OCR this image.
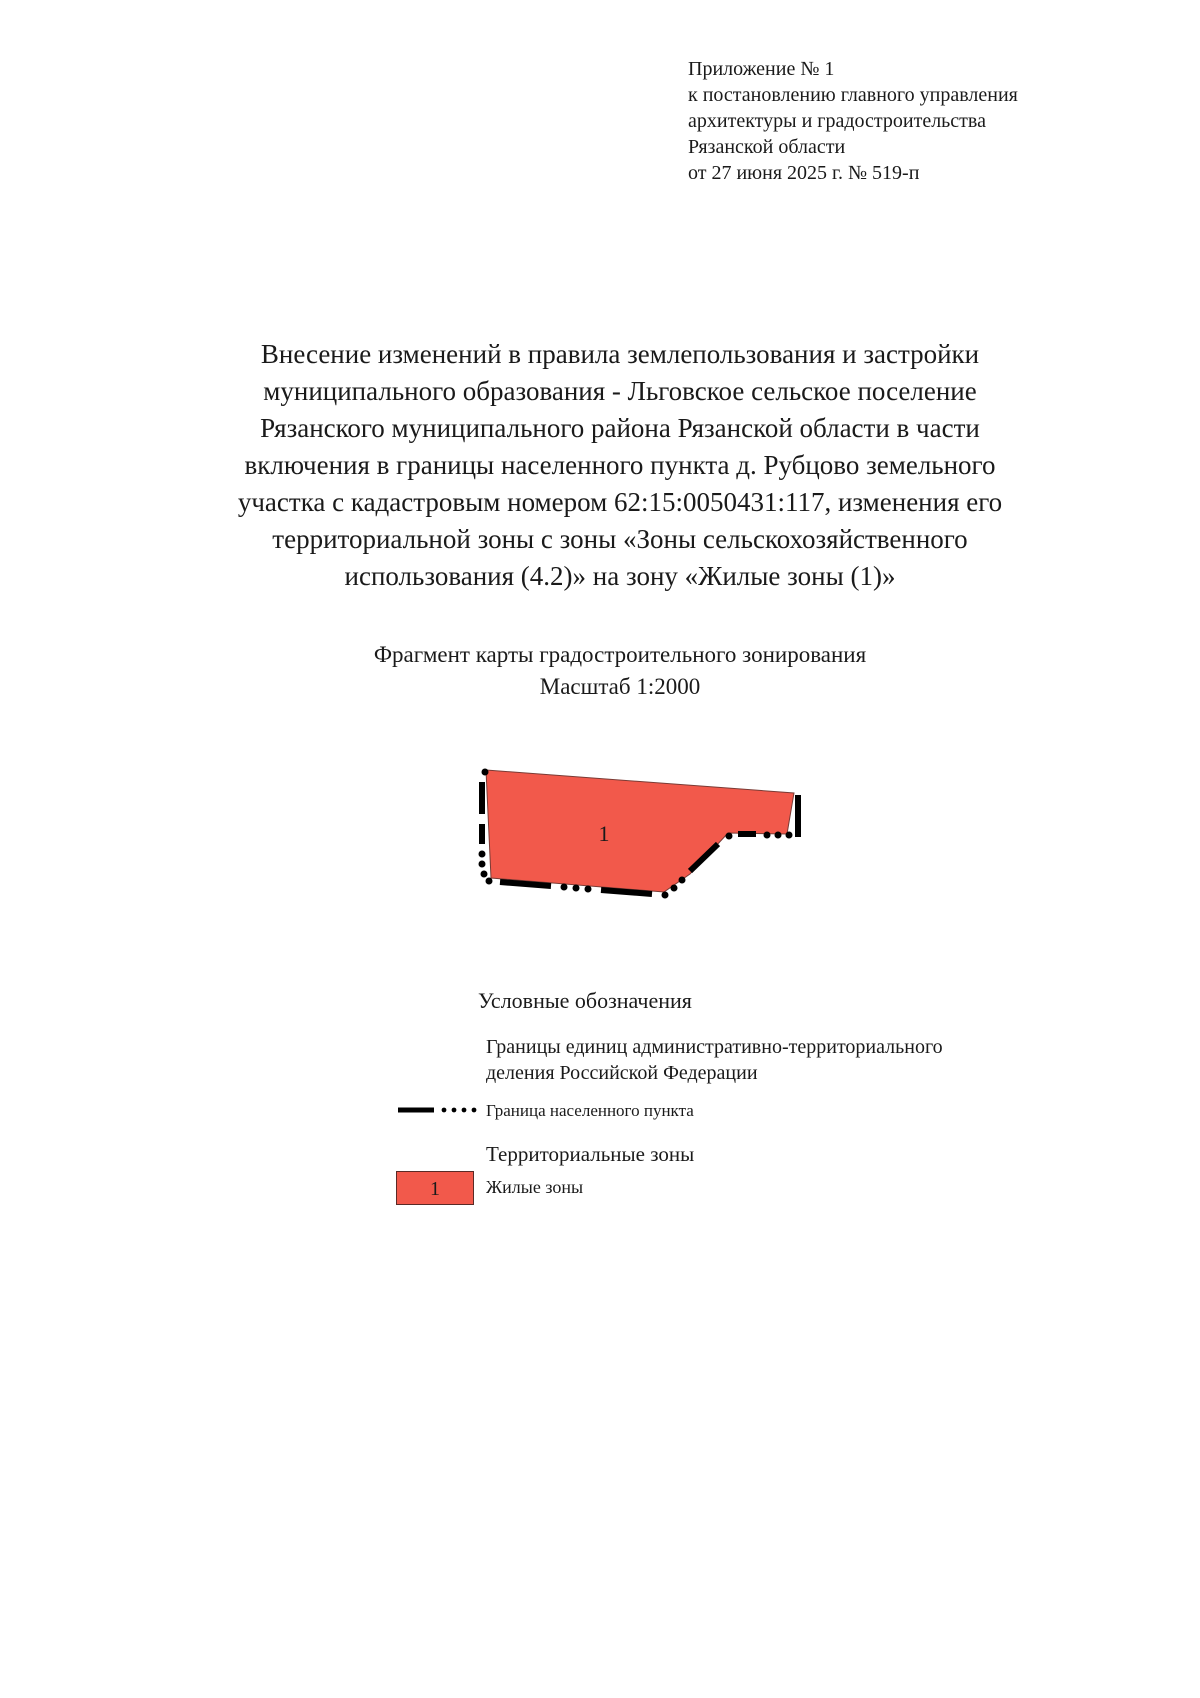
Приложение № 1
к постановлению главного управления
архитектуры и градостроительства
Рязанской области
от 27 июня 2025 г. № 519-п
Внесение изменений в правила землепользования и застройки
муниципального образования - Льговское сельское поселение
Рязанского муниципального района Рязанской области в части
включения в границы населенного пункта д. Рубцово земельного
участка с кадастровым номером 62:15:0050431:117, изменения его
территориальной зоны с зоны «Зоны сельскохозяйственного
использования (4.2)» на зону «Жилые зоны (1)»
Фрагмент карты градостроительного зонирования
Масштаб 1:2000
1
Условные обозначения
Границы единиц административно-территориального
деления Российской Федерации
Граница населенного пункта
Территориальные зоны
1	Жилые зоны
